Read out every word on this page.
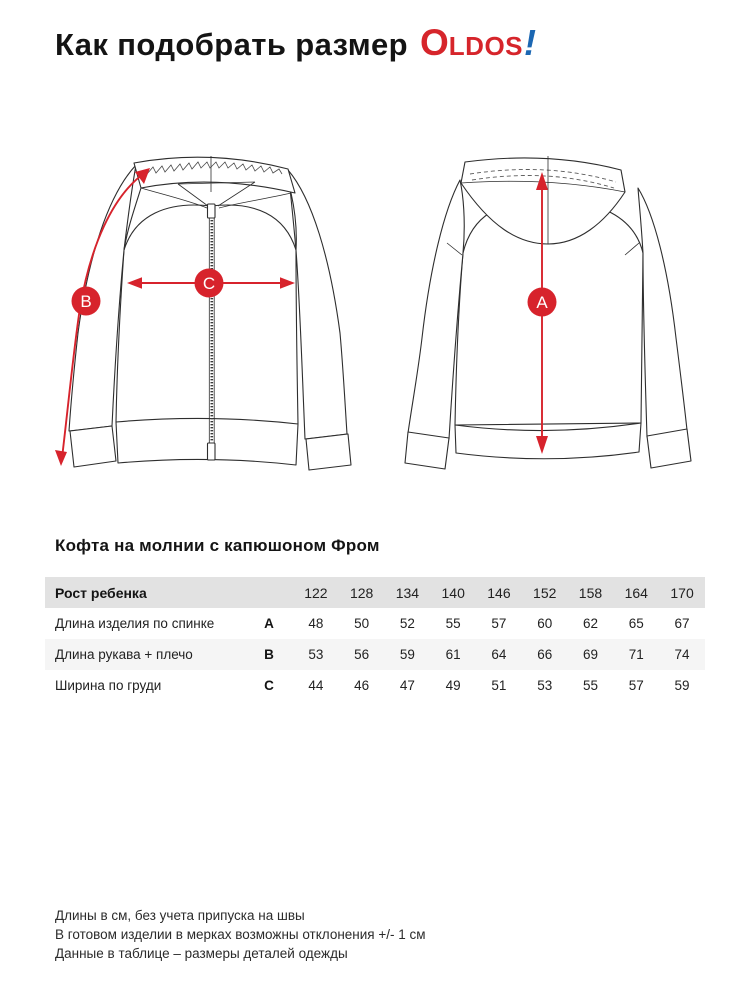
Как подобрать размер OLDOS!
C
B	A
Кофта на молнии с капюшоном Фром
Рост ребенка		122	128	134	140	146	152	158	164	170
Длина изделия по спинке	A	48	50	52	55	57	60	62	65	67
Длина рукава + плечо	B	53	56	59	61	64	66	69	71	74
Ширина по груди	C	44	46	47	49	51	53	55	57	59
Длины в см, без учета припуска на швы
В готовом изделии в мерках возможны отклонения +/- 1 см
Данные в таблице – размеры деталей одежды
